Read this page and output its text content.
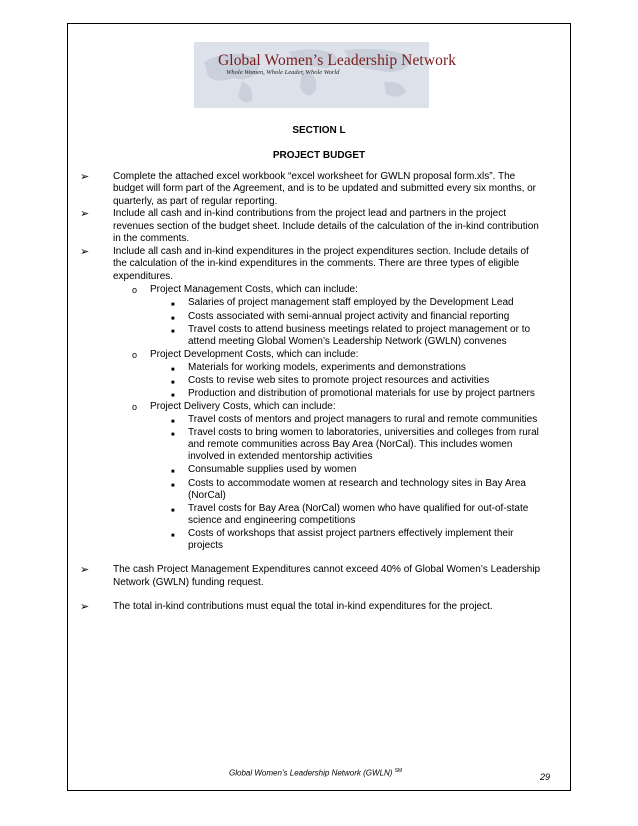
Global Women’s Leadership Network
Whole Women, Whole Leader, Whole World
SECTION L
PROJECT BUDGET
➢ Complete the attached excel workbook “excel worksheet for GWLN proposal form.xls”. The
budget will form part of the Agreement, and is to be updated and submitted every six months, or
quarterly, as part of regular reporting.
➢ Include all cash and in-kind contributions from the project lead and partners in the project
revenues section of the budget sheet. Include details of the calculation of the in-kind contribution
in the comments.
➢ Include all cash and in-kind expenditures in the project expenditures section. Include details of
the calculation of the in-kind expenditures in the comments. There are three types of eligible
expenditures.
o Project Management Costs, which can include:
■ Salaries of project management staff employed by the Development Lead
■ Costs associated with semi-annual project activity and financial reporting
■ Travel costs to attend business meetings related to project management or to
attend meeting Global Women’s Leadership Network (GWLN) convenes
o Project Development Costs, which can include:
■ Materials for working models, experiments and demonstrations
■ Costs to revise web sites to promote project resources and activities
■ Production and distribution of promotional materials for use by project partners
o Project Delivery Costs, which can include:
■ Travel costs of mentors and project managers to rural and remote communities
■ Travel costs to bring women to laboratories, universities and colleges from rural
and remote communities across Bay Area (NorCal). This includes women
involved in extended mentorship activities
■ Consumable supplies used by women
■ Costs to accommodate women at research and technology sites in Bay Area
(NorCal)
■ Travel costs for Bay Area (NorCal) women who have qualified for out-of-state
science and engineering competitions
■ Costs of workshops that assist project partners effectively implement their
projects
➢ The cash Project Management Expenditures cannot exceed 40% of Global Women’s Leadership
Network (GWLN) funding request.
➢ The total in-kind contributions must equal the total in-kind expenditures for the project.
Global Women’s Leadership Network (GWLN) ℠
29
